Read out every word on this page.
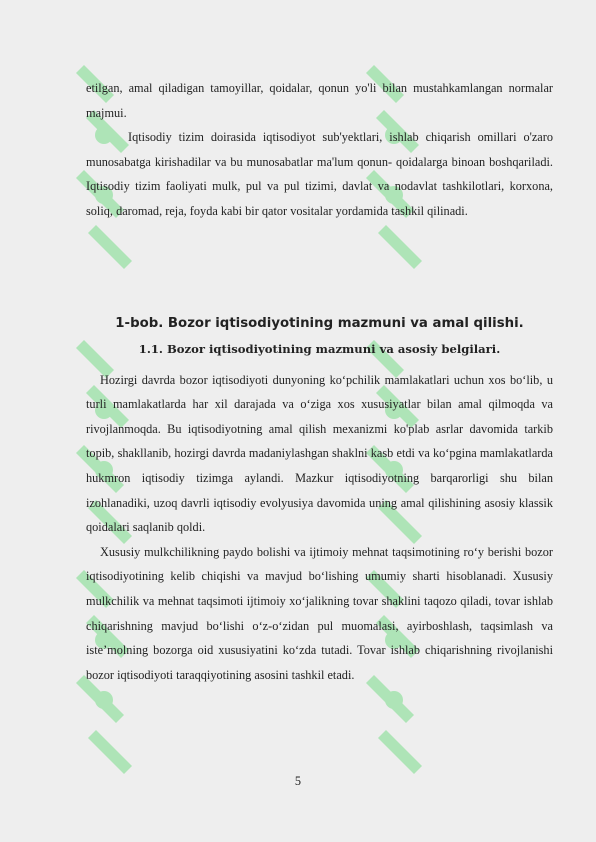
etilgan, amal qiladigan tamoyillar, qoidalar, qonun yo'li bilan mustahkamlangan normalar majmui.

Iqtisodiy tizim doirasida iqtisodiyot sub'yektlari, ishlab chiqarish omillari o'zaro munosabatga kirishadilar va bu munosabatlar ma'lum qonun- qoidalarga binoan boshqariladi. Iqtisodiy tizim faoliyati mulk, pul va pul tizimi, davlat va nodavlat tashkilotlari, korxona, soliq, daromad, reja, foyda kabi bir qator vositalar yordamida tashkil qilinadi.

1-bob. Bozor iqtisodiyotining mazmuni va amal qilishi.
1.1. Bozor iqtisodiyotining mazmuni va asosiy belgilari.

Hozirgi davrda bozor iqtisodiyoti dunyoning ko‘pchilik mamlakatlari uchun xos bo‘lib, u turli mamlakatlarda har xil darajada va o‘ziga xos xususiyatlar bilan amal qilmoqda va rivojlanmoqda. Bu iqtisodiyotning amal qilish mexanizmi ko'plab asrlar davomida tarkib topib, shakllanib, hozirgi davrda madaniylashgan shaklni kasb etdi va ko‘pgina mamlakatlarda hukmron iqtisodiy tizimga aylandi. Mazkur iqtisodiyotning barqarorligi shu bilan izohlanadiki, uzoq davrli iqtisodiy evolyusiya davomida uning amal qilishining asosiy klassik qoidalari saqlanib qoldi.

Xususiy mulkchilikning paydo bolishi va ijtimoiy mehnat taqsimotining ro‘y berishi bozor iqtisodiyotining kelib chiqishi va mavjud bo‘lishing umumiy sharti hisoblanadi. Xususiy mulkchilik va mehnat taqsimoti ijtimoiy xo‘jalikning tovar shaklini taqozo qiladi, tovar ishlab chiqarishning mavjud bo‘lishi o‘z-o‘zidan pul muomalasi, ayirboshlash, taqsimlash va iste’molning bozorga oid xususiyatini ko‘zda tutadi. Tovar ishlab chiqarishning rivojlanishi bozor iqtisodiyoti taraqqiyotining asosini tashkil etadi.

5
